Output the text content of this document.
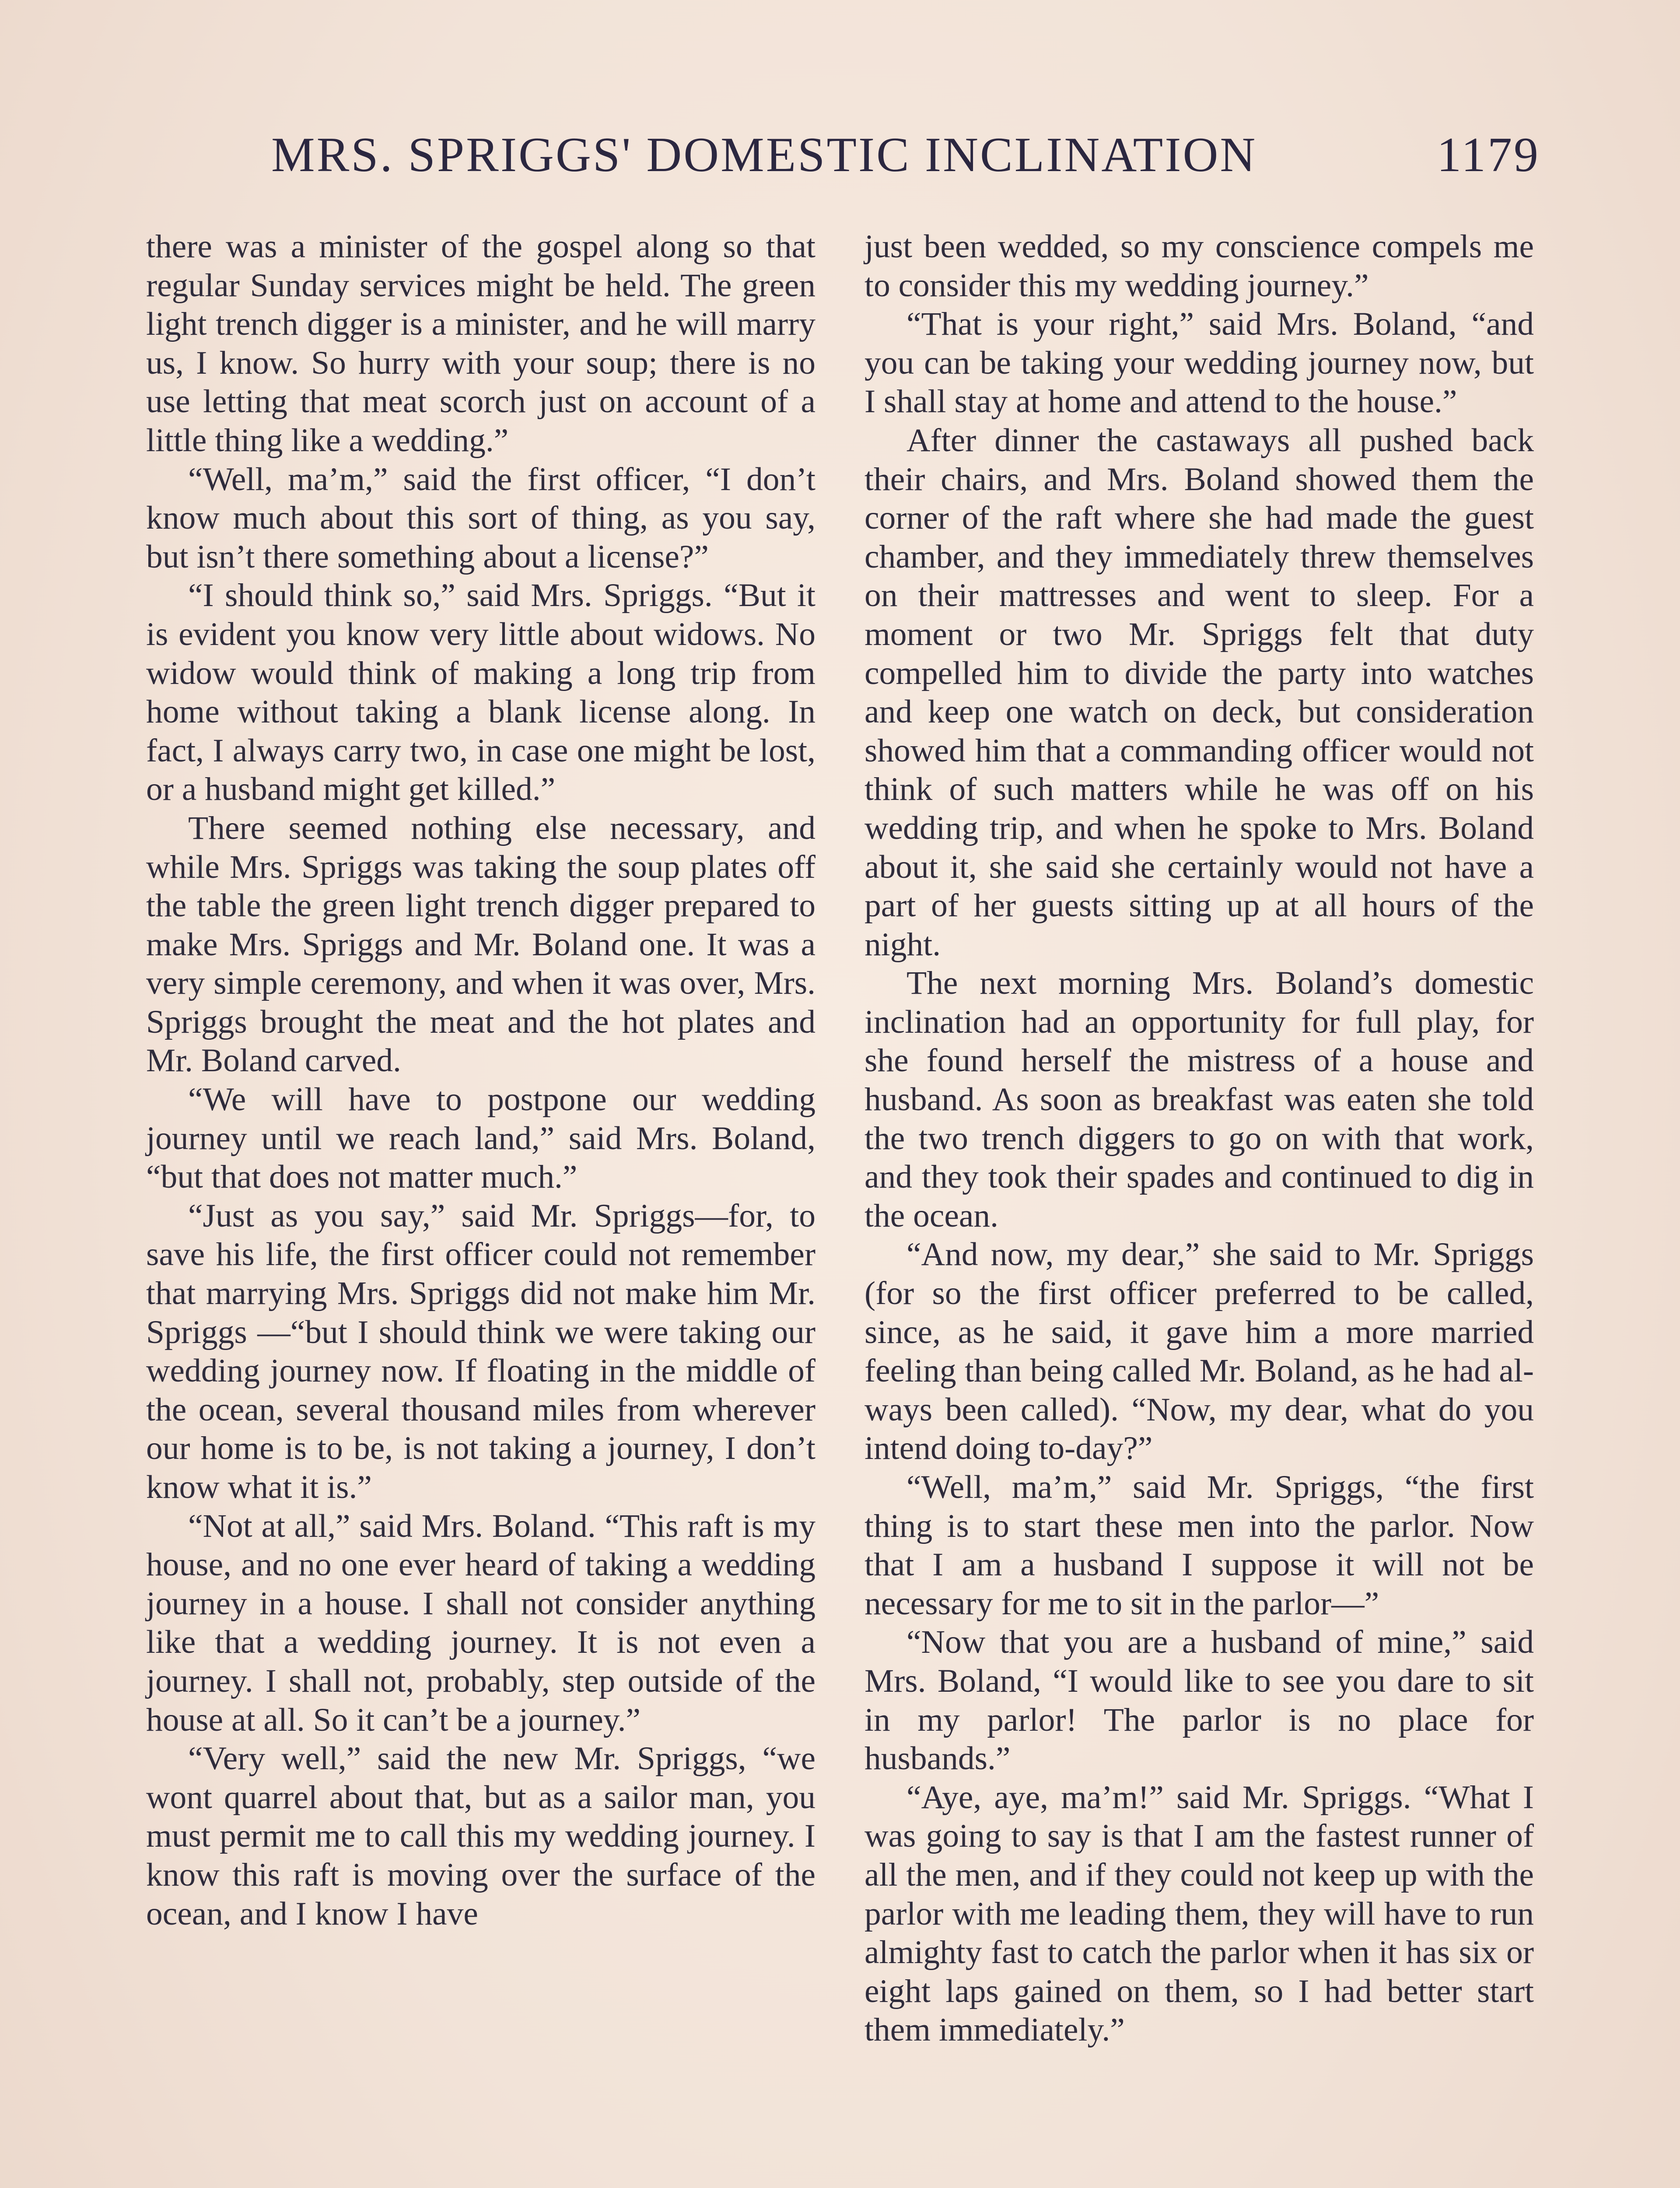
MRS. SPRIGGS' DOMESTIC INCLINATION	1179

there was a minister of the gospel along so that regular Sunday services might be held. The green light trench digger is a minister, and he will marry us, I know. So hurry with your soup; there is no use letting that meat scorch just on account of a little thing like a wedding.”

“Well, ma’m,” said the first officer, “I don’t know much about this sort of thing, as you say, but isn’t there something about a license?”

“I should think so,” said Mrs. Spriggs. “But it is evident you know very little about widows. No widow would think of making a long trip from home without taking a blank license along. In fact, I always carry two, in case one might be lost, or a husband might get killed.”

There seemed nothing else necessary, and while Mrs. Spriggs was taking the soup plates off the table the green light trench digger prepared to make Mrs. Spriggs and Mr. Boland one. It was a very simple ceremony, and when it was over, Mrs. Spriggs brought the meat and the hot plates and Mr. Boland carved.

“We will have to postpone our wedding journey until we reach land,” said Mrs. Boland, “but that does not matter much.”

“Just as you say,” said Mr. Spriggs—for, to save his life, the first officer could not remember that marrying Mrs. Spriggs did not make him Mr. Spriggs —“but I should think we were taking our wedding journey now. If floating in the middle of the ocean, several thousand miles from wherever our home is to be, is not taking a journey, I don’t know what it is.”

“Not at all,” said Mrs. Boland. “This raft is my house, and no one ever heard of taking a wedding journey in a house. I shall not consider anything like that a wedding journey. It is not even a journey. I shall not, probably, step outside of the house at all. So it can’t be a journey.”

“Very well,” said the new Mr. Spriggs, “we wont quarrel about that, but as a sailor man, you must permit me to call this my wedding journey. I know this raft is moving over the surface of the ocean, and I know I have

just been wedded, so my conscience compels me to consider this my wedding journey.”

“That is your right,” said Mrs. Boland, “and you can be taking your wedding journey now, but I shall stay at home and attend to the house.”

After dinner the castaways all pushed back their chairs, and Mrs. Boland showed them the corner of the raft where she had made the guest chamber, and they immediately threw themselves on their mattresses and went to sleep. For a moment or two Mr. Spriggs felt that duty compelled him to divide the party into watches and keep one watch on deck, but consideration showed him that a commanding officer would not think of such matters while he was off on his wedding trip, and when he spoke to Mrs. Boland about it, she said she certainly would not have a part of her guests sitting up at all hours of the night.

The next morning Mrs. Boland’s domestic inclination had an opportunity for full play, for she found herself the mistress of a house and husband. As soon as breakfast was eaten she told the two trench diggers to go on with that work, and they took their spades and continued to dig in the ocean.

“And now, my dear,” she said to Mr. Spriggs (for so the first officer preferred to be called, since, as he said, it gave him a more married feeling than being called Mr. Boland, as he had always been called). “Now, my dear, what do you intend doing to-day?”

“Well, ma’m,” said Mr. Spriggs, “the first thing is to start these men into the parlor. Now that I am a husband I suppose it will not be necessary for me to sit in the parlor—”

“Now that you are a husband of mine,” said Mrs. Boland, “I would like to see you dare to sit in my parlor! The parlor is no place for husbands.”

“Aye, aye, ma’m!” said Mr. Spriggs. “What I was going to say is that I am the fastest runner of all the men, and if they could not keep up with the parlor with me leading them, they will have to run almighty fast to catch the parlor when it has six or eight laps gained on them, so I had better start them immediately.”
